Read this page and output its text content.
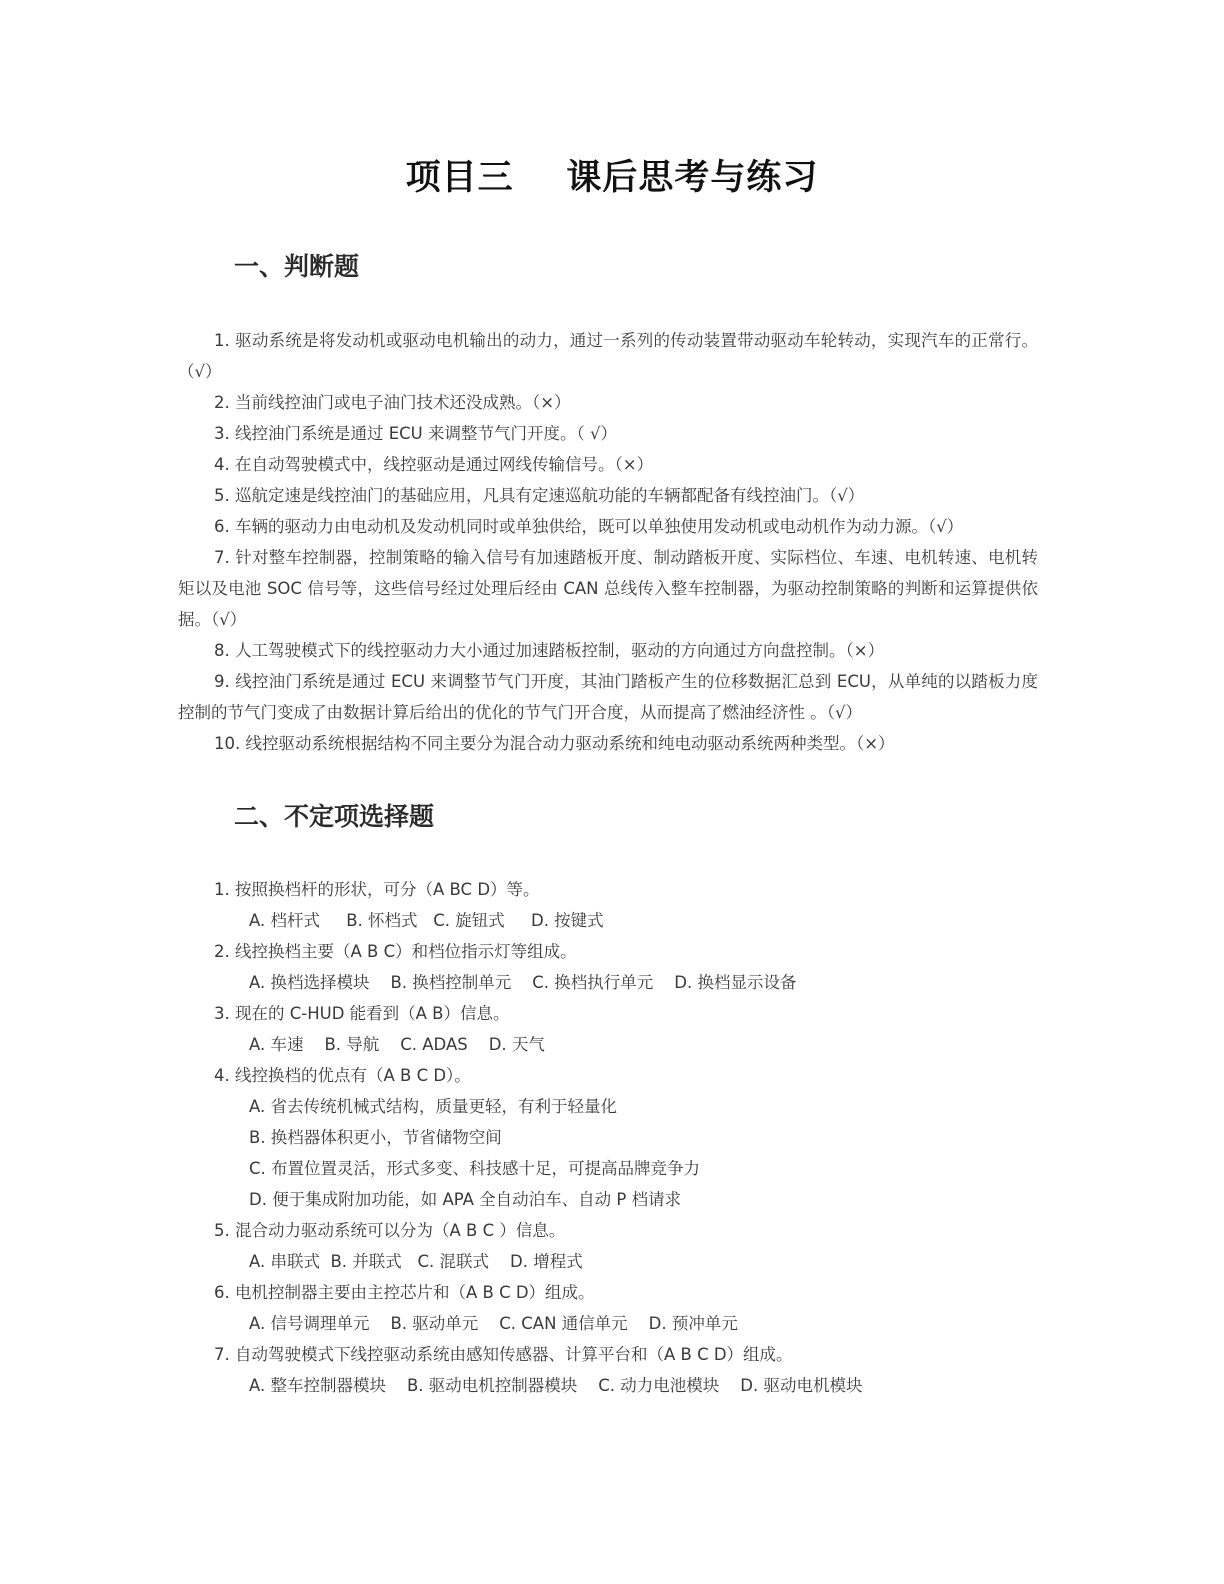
项目三    课后思考与练习
一、判断题
1. 驱动系统是将发动机或驱动电机输出的动力，通过一系列的传动装置带动驱动车轮转动，实现汽车的正常行。（√）
2. 当前线控油门或电子油门技术还没成熟。（×）
3. 线控油门系统是通过 ECU 来调整节气门开度。（ √）
4. 在自动驾驶模式中，线控驱动是通过网线传输信号。（×）
5. 巡航定速是线控油门的基础应用，凡具有定速巡航功能的车辆都配备有线控油门。（√）
6. 车辆的驱动力由电动机及发动机同时或单独供给，既可以单独使用发动机或电动机作为动力源。（√）
7. 针对整车控制器，控制策略的输入信号有加速踏板开度、制动踏板开度、实际档位、车速、电机转速、电机转矩以及电池 SOC 信号等，这些信号经过处理后经由 CAN 总线传入整车控制器，为驱动控制策略的判断和运算提供依据。（√）
8. 人工驾驶模式下的线控驱动力大小通过加速踏板控制，驱动的方向通过方向盘控制。（×）
9. 线控油门系统是通过 ECU 来调整节气门开度，其油门踏板产生的位移数据汇总到 ECU，从单纯的以踏板力度控制的节气门变成了由数据计算后给出的优化的节气门开合度，从而提高了燃油经济性 。（√）
10. 线控驱动系统根据结构不同主要分为混合动力驱动系统和纯电动驱动系统两种类型。（×）
二、不定项选择题
1. 按照换档杆的形状，可分（A BC D）等。
A. 档杆式     B. 怀档式   C. 旋钮式     D. 按键式
2. 线控换档主要（A B C）和档位指示灯等组成。
A. 换档选择模块    B. 换档控制单元    C. 换档执行单元    D. 换档显示设备
3. 现在的 C-HUD 能看到（A B）信息。
A. 车速    B. 导航    C. ADAS    D. 天气
4. 线控换档的优点有（A B C D）。
A. 省去传统机械式结构，质量更轻，有利于轻量化
B. 换档器体积更小，节省储物空间
C. 布置位置灵活，形式多变、科技感十足，可提高品牌竞争力
D. 便于集成附加功能，如 APA 全自动泊车、自动 P 档请求
5. 混合动力驱动系统可以分为（A B C ）信息。
A. 串联式  B. 并联式   C. 混联式    D. 增程式
6. 电机控制器主要由主控芯片和（A B C D）组成。
A. 信号调理单元    B. 驱动单元    C. CAN 通信单元    D. 预冲单元
7. 自动驾驶模式下线控驱动系统由感知传感器、计算平台和（A B C D）组成。
A. 整车控制器模块    B. 驱动电机控制器模块    C. 动力电池模块    D. 驱动电机模块
